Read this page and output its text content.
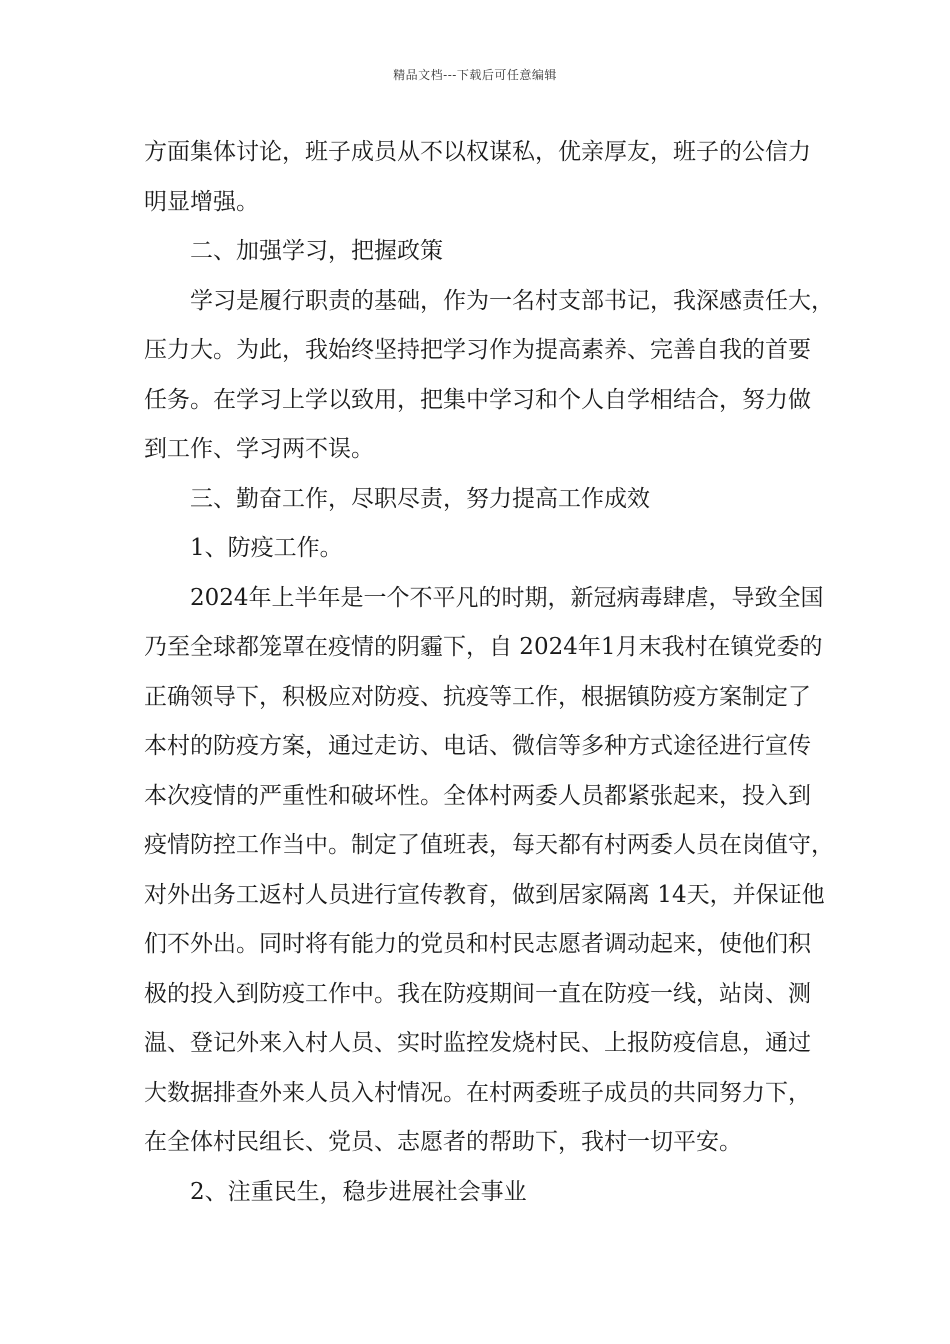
精品文档---下载后可任意编辑
方面集体讨论，班子成员从不以权谋私，优亲厚友，班子的公信力
明显增强。
二、加强学习，把握政策
学习是履行职责的基础，作为一名村支部书记，我深感责任大，
压力大。为此，我始终坚持把学习作为提高素养、完善自我的首要
任务。在学习上学以致用，把集中学习和个人自学相结合，努力做
到工作、学习两不误。
三、勤奋工作，尽职尽责，努力提高工作成效
1、防疫工作。
2024年上半年是一个不平凡的时期，新冠病毒肆虐，导致全国
乃至全球都笼罩在疫情的阴霾下，自 2024年1月末我村在镇党委的
正确领导下，积极应对防疫、抗疫等工作，根据镇防疫方案制定了
本村的防疫方案，通过走访、电话、微信等多种方式途径进行宣传
本次疫情的严重性和破坏性。全体村两委人员都紧张起来，投入到
疫情防控工作当中。制定了值班表，每天都有村两委人员在岗值守，
对外出务工返村人员进行宣传教育，做到居家隔离 14天，并保证他
们不外出。同时将有能力的党员和村民志愿者调动起来，使他们积
极的投入到防疫工作中。我在防疫期间一直在防疫一线，站岗、测
温、登记外来入村人员、实时监控发烧村民、上报防疫信息，通过
大数据排查外来人员入村情况。在村两委班子成员的共同努力下，
在全体村民组长、党员、志愿者的帮助下，我村一切平安。
2、注重民生，稳步进展社会事业
